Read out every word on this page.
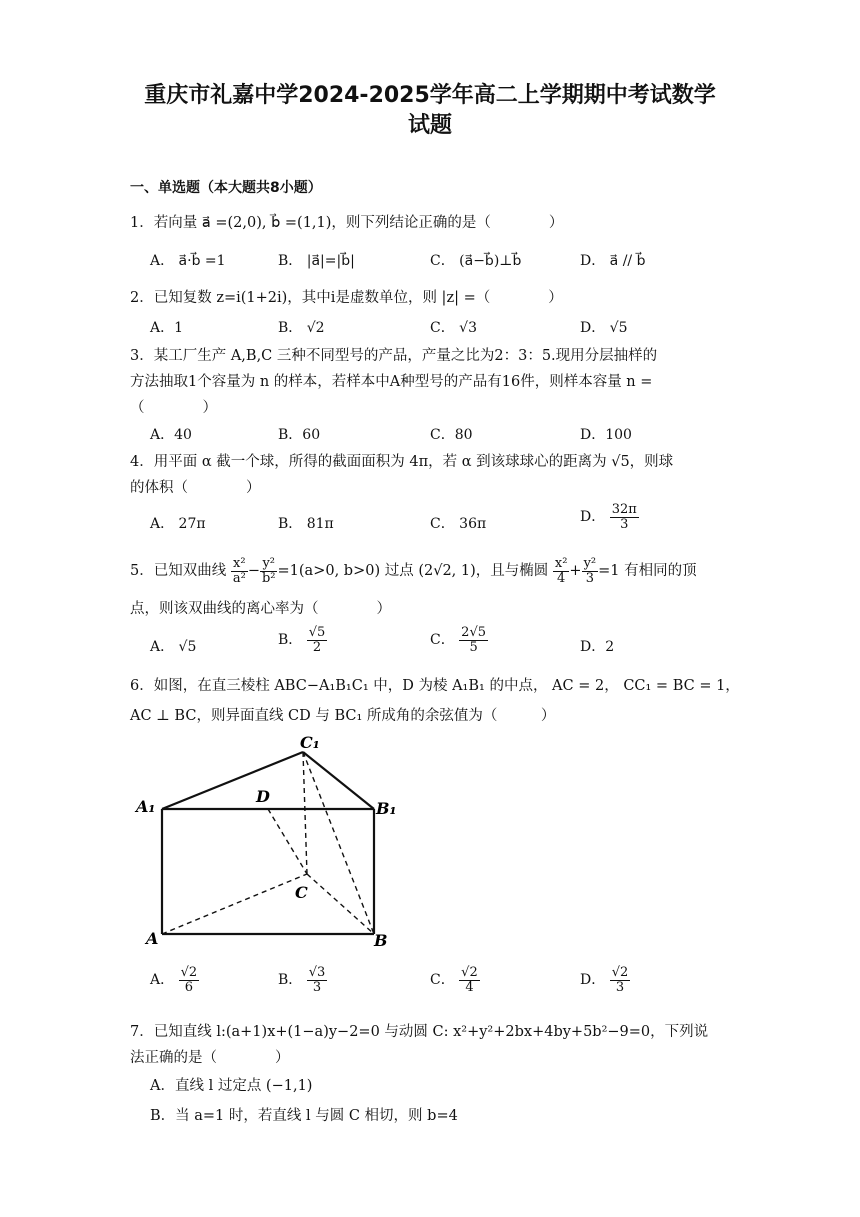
重庆市礼嘉中学2024-2025学年高二上学期期中考试数学
试题
一、单选题（本大题共8小题）
1．若向量 a⃗ =(2,0), b⃗ =(1,1)，则下列结论正确的是（　　　　）
A． a⃗·b⃗ =1	B． |a⃗|=|b⃗|	C． (a⃗−b⃗)⊥b⃗	D． a⃗ // b⃗
2．已知复数 z=i(1+2i)，其中i是虚数单位，则 |z| =（　　　　）
A．1	B． √2	C． √3	D． √5
3．某工厂生产 A,B,C 三种不同型号的产品，产量之比为2：3：5.现用分层抽样的
方法抽取1个容量为 n 的样本，若样本中A种型号的产品有16件，则样本容量 n =
（　　　　）
A．40	B．60	C．80	D．100
4．用平面 α 截一个球，所得的截面面积为 4π，若 α 到该球球心的距离为 √5，则球
的体积（　　　　）
A． 27π	B． 81π	C． 36π	D． $\frac{32\pi}{3}$
5．已知双曲线 $\frac{\text{x²}}{\text{a²}} - \frac{\text{y²}}{\text{b²}} =1(a>0$, b>0) 过点 (2√2, 1)，且与椭圆 $\frac{\text{x²}}{4} + \frac{\text{y²}}{3} =1$ 有相同的顶
点，则该双曲线的离心率为（　　　　）
A． √5	B． $\frac{√5}{2}$	C． $\frac{2√5}{5}$	D．2
6．如图，在直三棱柱 ABC−A₁B₁C₁ 中，D 为棱 A₁B₁ 的中点， AC = 2， CC₁ = BC = 1，
AC ⊥ BC，则异面直线 CD 与 BC₁ 所成角的余弦值为（　　　）
C₁
A₁
D
B₁
C
A	B
A． $\frac{√2}{6}$	B． $\frac{√3}{3}$	C． $\frac{√2}{4}$	D． $\frac{√2}{3}$
7．已知直线 l:(a+1)x+(1−a)y−2=0 与动圆 C: x²+y²+2bx+4by+5b²−9=0，下列说
法正确的是（　　　　）
A．直线 l 过定点 (−1,1)
B．当 a=1 时，若直线 l 与圆 C 相切，则 b=4
